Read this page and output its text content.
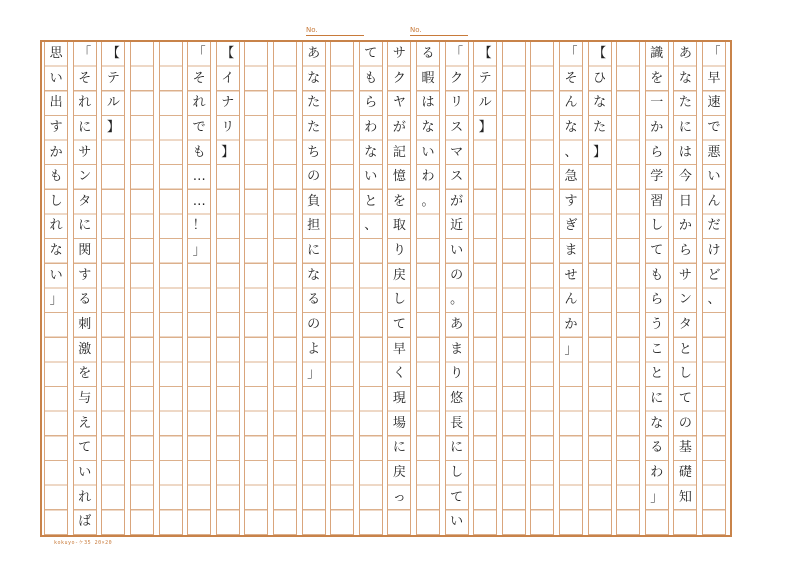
No.	No.
「
早
速
で
悪
い
ん
だ
け
ど
、
あ
な
た
に
は
今
日
か
ら
サ
ン
タ
と
し
て
の
基
礎
知
識
を
一
か
ら
学
習
し
て
も
ら
う
こ
と
に
な
る
わ
」
【
ひ
な
た
】
「
そ
ん
な
、
急
す
ぎ
ま
せ
ん
か
」
【
テ
ル
】
「
ク
リ
ス
マ
ス
が
近
い
の
。
あ
ま
り
悠
長
に
し
て
い
る
暇
は
な
い
わ
。
サ
ク
ヤ
が
記
憶
を
取
り
戻
し
て
早
く
現
場
に
戻
っ
て
も
ら
わ
な
い
と
、
あ
な
た
た
ち
の
負
担
に
な
る
の
よ
」
【
イ
ナ
リ
】
「
そ
れ
で
も
…
…
！
」
【
テ
ル
】
「
そ
れ
に
サ
ン
タ
に
関
す
る
刺
激
を
与
え
て
い
れ
ば
思
い
出
す
か
も
し
れ
な
い
」
kokuyo-ケ35 20×20
